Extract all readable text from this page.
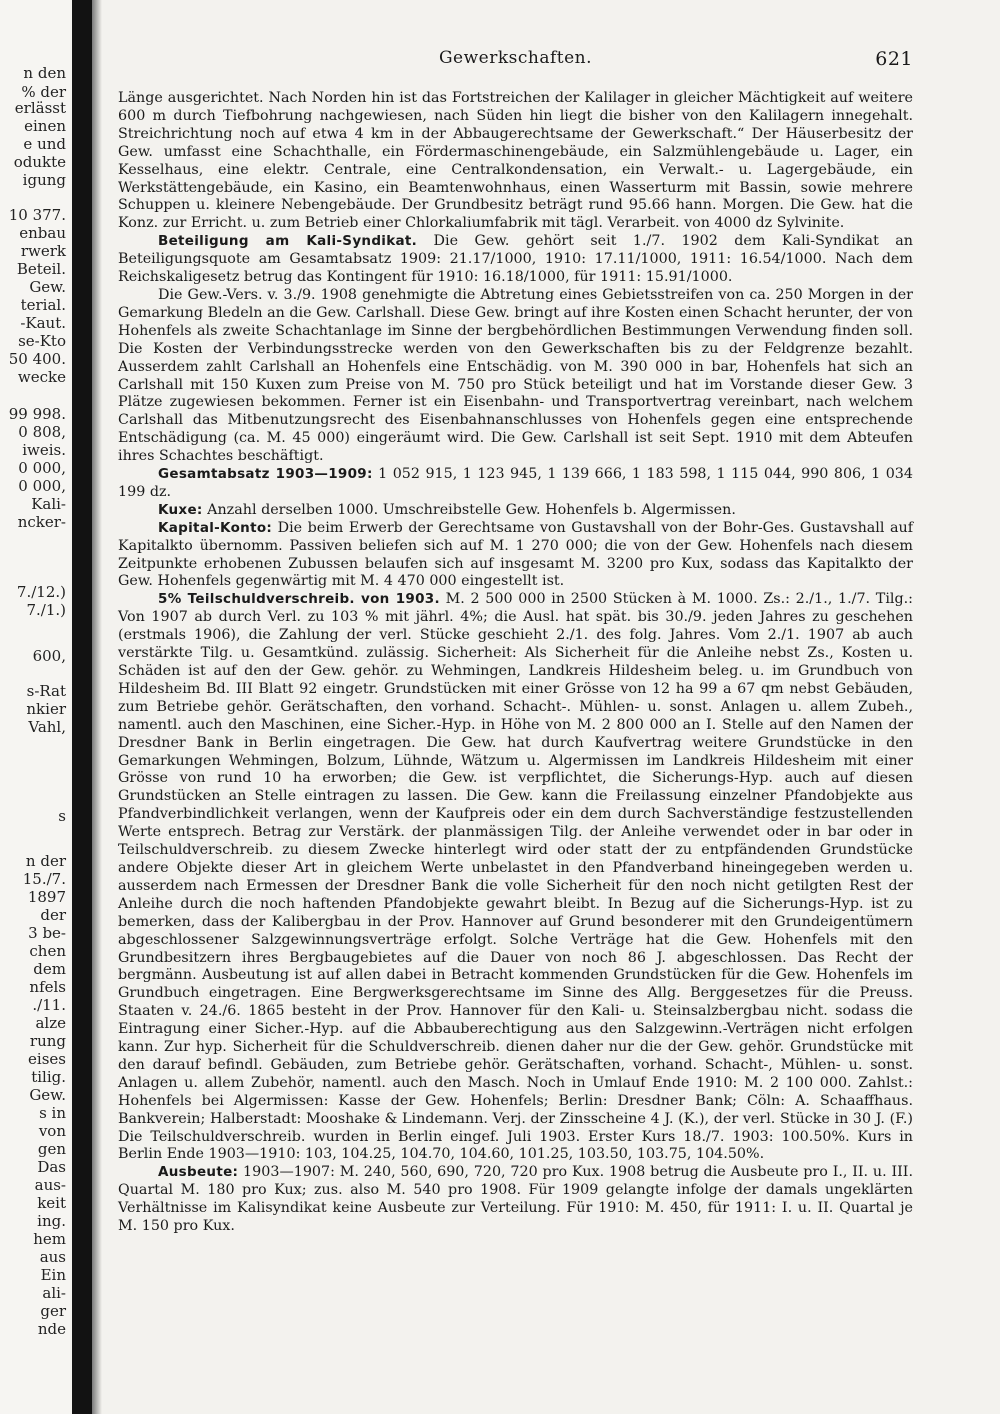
n den
% der
erlässt
einen
e und
odukte
igung
10 377.
enbau
rwerk
Beteil.
Gew.
terial.
-Kaut.
se-Kto
50 400.
wecke
99 998.
0 808,
iweis.
0 000,
0 000,
Kali-
ncker-
7./12.)
7./1.)
600,
s-Rat
nkier
Vahl,
s
n der
15./7.
1897
der
3 be-
chen
dem
nfels
./11.
alze
rung
eises
tilig.
Gew.
s in
von
gen
Das
aus-
keit
ing.
hem
aus
Ein
ali-
ger
nde
Gewerkschaften.	621

Länge ausgerichtet. Nach Norden hin ist das Fortstreichen der Kalilager in gleicher Mächtigkeit auf weitere 600 m durch Tiefbohrung nachgewiesen, nach Süden hin liegt die bisher von den Kalilagern innegehalt. Streichrichtung noch auf etwa 4 km in der Abbaugerechtsame der Gewerkschaft.“ Der Häuserbesitz der Gew. umfasst eine Schachthalle, ein Fördermaschinengebäude, ein Salzmühlengebäude u. Lager, ein Kesselhaus, eine elektr. Centrale, eine Centralkondensation, ein Verwalt.- u. Lagergebäude, ein Werkstättengebäude, ein Kasino, ein Beamtenwohnhaus, einen Wasserturm mit Bassin, sowie mehrere Schuppen u. kleinere Nebengebäude. Der Grundbesitz beträgt rund 95.66 hann. Morgen. Die Gew. hat die Konz. zur Erricht. u. zum Betrieb einer Chlorkaliumfabrik mit tägl. Verarbeit. von 4000 dz Sylvinite.

Beteiligung am Kali-Syndikat. Die Gew. gehört seit 1./7. 1902 dem Kali-Syndikat an Beteiligungsquote am Gesamtabsatz 1909: 21.17/1000, 1910: 17.11/1000, 1911: 16.54/1000. Nach dem Reichskaligesetz betrug das Kontingent für 1910: 16.18/1000, für 1911: 15.91/1000.

Die Gew.-Vers. v. 3./9. 1908 genehmigte die Abtretung eines Gebietsstreifen von ca. 250 Morgen in der Gemarkung Bledeln an die Gew. Carlshall. Diese Gew. bringt auf ihre Kosten einen Schacht herunter, der von Hohenfels als zweite Schachtanlage im Sinne der bergbehördlichen Bestimmungen Verwendung finden soll. Die Kosten der Verbindungsstrecke werden von den Gewerkschaften bis zu der Feldgrenze bezahlt. Ausserdem zahlt Carlshall an Hohenfels eine Entschädig. von M. 390 000 in bar, Hohenfels hat sich an Carlshall mit 150 Kuxen zum Preise von M. 750 pro Stück beteiligt und hat im Vorstande dieser Gew. 3 Plätze zugewiesen bekommen. Ferner ist ein Eisenbahn- und Transportvertrag vereinbart, nach welchem Carlshall das Mitbenutzungsrecht des Eisenbahnanschlusses von Hohenfels gegen eine entsprechende Entschädigung (ca. M. 45 000) eingeräumt wird. Die Gew. Carlshall ist seit Sept. 1910 mit dem Abteufen ihres Schachtes beschäftigt.

Gesamtabsatz 1903—1909: 1 052 915, 1 123 945, 1 139 666, 1 183 598, 1 115 044, 990 806, 1 034 199 dz.

Kuxe: Anzahl derselben 1000. Umschreibstelle Gew. Hohenfels b. Algermissen.

Kapital-Konto: Die beim Erwerb der Gerechtsame von Gustavshall von der Bohr-Ges. Gustavshall auf Kapitalkto übernomm. Passiven beliefen sich auf M. 1 270 000; die von der Gew. Hohenfels nach diesem Zeitpunkte erhobenen Zubussen belaufen sich auf insgesamt M. 3200 pro Kux, sodass das Kapitalkto der Gew. Hohenfels gegenwärtig mit M. 4 470 000 eingestellt ist.

5% Teilschuldverschreib. von 1903. M. 2 500 000 in 2500 Stücken à M. 1000. Zs.: 2./1., 1./7. Tilg.: Von 1907 ab durch Verl. zu 103 % mit jährl. 4%; die Ausl. hat spät. bis 30./9. jeden Jahres zu geschehen (erstmals 1906), die Zahlung der verl. Stücke geschieht 2./1. des folg. Jahres. Vom 2./1. 1907 ab auch verstärkte Tilg. u. Gesamtkünd. zulässig. Sicherheit: Als Sicherheit für die Anleihe nebst Zs., Kosten u. Schäden ist auf den der Gew. gehör. zu Wehmingen, Landkreis Hildesheim beleg. u. im Grundbuch von Hildesheim Bd. III Blatt 92 eingetr. Grundstücken mit einer Grösse von 12 ha 99 a 67 qm nebst Gebäuden, zum Betriebe gehör. Gerätschaften, den vorhand. Schacht-. Mühlen- u. sonst. Anlagen u. allem Zubeh., namentl. auch den Maschinen, eine Sicher.-Hyp. in Höhe von M. 2 800 000 an I. Stelle auf den Namen der Dresdner Bank in Berlin eingetragen. Die Gew. hat durch Kaufvertrag weitere Grundstücke in den Gemarkungen Wehmingen, Bolzum, Lühnde, Wätzum u. Algermissen im Landkreis Hildesheim mit einer Grösse von rund 10 ha erworben; die Gew. ist verpflichtet, die Sicherungs-Hyp. auch auf diesen Grundstücken an Stelle eintragen zu lassen. Die Gew. kann die Freilassung einzelner Pfandobjekte aus Pfandverbindlichkeit verlangen, wenn der Kaufpreis oder ein dem durch Sachverständige festzustellenden Werte entsprech. Betrag zur Verstärk. der planmässigen Tilg. der Anleihe verwendet oder in bar oder in Teilschuldverschreib. zu diesem Zwecke hinterlegt wird oder statt der zu entpfändenden Grundstücke andere Objekte dieser Art in gleichem Werte unbelastet in den Pfandverband hineingegeben werden u. ausserdem nach Ermessen der Dresdner Bank die volle Sicherheit für den noch nicht getilgten Rest der Anleihe durch die noch haftenden Pfandobjekte gewahrt bleibt. In Bezug auf die Sicherungs-Hyp. ist zu bemerken, dass der Kalibergbau in der Prov. Hannover auf Grund besonderer mit den Grundeigentümern abgeschlossener Salzgewinnungsverträge erfolgt. Solche Verträge hat die Gew. Hohenfels mit den Grundbesitzern ihres Bergbaugebietes auf die Dauer von noch 86 J. abgeschlossen. Das Recht der bergmänn. Ausbeutung ist auf allen dabei in Betracht kommenden Grundstücken für die Gew. Hohenfels im Grundbuch eingetragen. Eine Bergwerksgerechtsame im Sinne des Allg. Berggesetzes für die Preuss. Staaten v. 24./6. 1865 besteht in der Prov. Hannover für den Kali- u. Steinsalzbergbau nicht. sodass die Eintragung einer Sicher.-Hyp. auf die Abbauberechtigung aus den Salzgewinn.-Verträgen nicht erfolgen kann. Zur hyp. Sicherheit für die Schuldverschreib. dienen daher nur die der Gew. gehör. Grundstücke mit den darauf befindl. Gebäuden, zum Betriebe gehör. Gerätschaften, vorhand. Schacht-, Mühlen- u. sonst. Anlagen u. allem Zubehör, namentl. auch den Masch. Noch in Umlauf Ende 1910: M. 2 100 000. Zahlst.: Hohenfels bei Algermissen: Kasse der Gew. Hohenfels; Berlin: Dresdner Bank; Cöln: A. Schaaffhaus. Bankverein; Halberstadt: Mooshake & Lindemann. Verj. der Zinsscheine 4 J. (K.), der verl. Stücke in 30 J. (F.) Die Teilschuldverschreib. wurden in Berlin eingef. Juli 1903. Erster Kurs 18./7. 1903: 100.50%. Kurs in Berlin Ende 1903—1910: 103, 104.25, 104.70, 104.60, 101.25, 103.50, 103.75, 104.50%.

Ausbeute: 1903—1907: M. 240, 560, 690, 720, 720 pro Kux. 1908 betrug die Ausbeute pro I., II. u. III. Quartal M. 180 pro Kux; zus. also M. 540 pro 1908. Für 1909 gelangte infolge der damals ungeklärten Verhältnisse im Kalisyndikat keine Ausbeute zur Verteilung. Für 1910: M. 450, für 1911: I. u. II. Quartal je M. 150 pro Kux.
